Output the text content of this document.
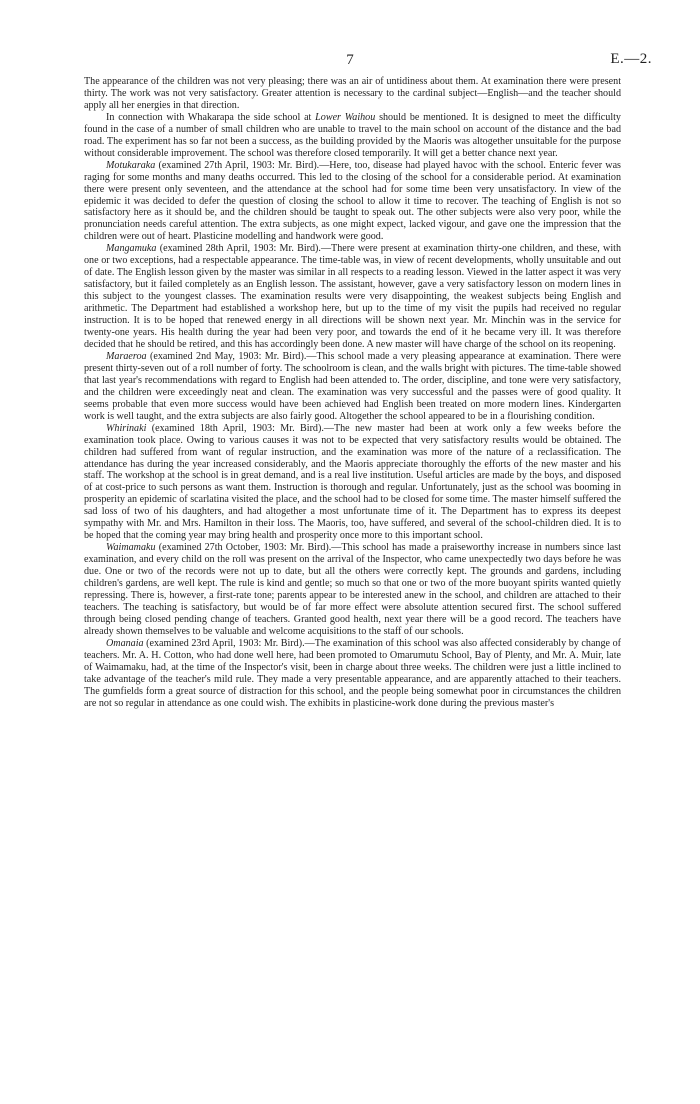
7	E.—2.

The appearance of the children was not very pleasing; there was an air of untidiness about them. At examination there were present thirty. The work was not very satisfactory. Greater attention is necessary to the cardinal subject—English—and the teacher should apply all her energies in that direction.

In connection with Whakarapa the side school at Lower Waihou should be mentioned. It is designed to meet the difficulty found in the case of a number of small children who are unable to travel to the main school on account of the distance and the bad road. The experiment has so far not been a success, as the building provided by the Maoris was altogether unsuitable for the purpose without considerable improvement. The school was therefore closed temporarily. It will get a better chance next year.

Motukaraka (examined 27th April, 1903: Mr. Bird).—Here, too, disease had played havoc with the school. Enteric fever was raging for some months and many deaths occurred. This led to the closing of the school for a considerable period. At examination there were present only seventeen, and the attendance at the school had for some time been very unsatisfactory. In view of the epidemic it was decided to defer the question of closing the school to allow it time to recover. The teaching of English is not so satisfactory here as it should be, and the children should be taught to speak out. The other subjects were also very poor, while the pronunciation needs careful attention. The extra subjects, as one might expect, lacked vigour, and gave one the impression that the children were out of heart. Plasticine modelling and handwork were good.

Mangamuka (examined 28th April, 1903: Mr. Bird).—There were present at examination thirty-one children, and these, with one or two exceptions, had a respectable appearance. The time-table was, in view of recent developments, wholly unsuitable and out of date. The English lesson given by the master was similar in all respects to a reading lesson. Viewed in the latter aspect it was very satisfactory, but it failed completely as an English lesson. The assistant, however, gave a very satisfactory lesson on modern lines in this subject to the youngest classes. The examination results were very disappointing, the weakest subjects being English and arithmetic. The Department had established a workshop here, but up to the time of my visit the pupils had received no regular instruction. It is to be hoped that renewed energy in all directions will be shown next year. Mr. Minchin was in the service for twenty-one years. His health during the year had been very poor, and towards the end of it he became very ill. It was therefore decided that he should be retired, and this has accordingly been done. A new master will have charge of the school on its reopening.

Maraeroa (examined 2nd May, 1903: Mr. Bird).—This school made a very pleasing appearance at examination. There were present thirty-seven out of a roll number of forty. The schoolroom is clean, and the walls bright with pictures. The time-table showed that last year's recommendations with regard to English had been attended to. The order, discipline, and tone were very satisfactory, and the children were exceedingly neat and clean. The examination was very successful and the passes were of good quality. It seems probable that even more success would have been achieved had English been treated on more modern lines. Kindergarten work is well taught, and the extra subjects are also fairly good. Altogether the school appeared to be in a flourishing condition.

Whirinaki (examined 18th April, 1903: Mr. Bird).—The new master had been at work only a few weeks before the examination took place. Owing to various causes it was not to be expected that very satisfactory results would be obtained. The children had suffered from want of regular instruction, and the examination was more of the nature of a reclassification. The attendance has during the year increased considerably, and the Maoris appreciate thoroughly the efforts of the new master and his staff. The workshop at the school is in great demand, and is a real live institution. Useful articles are made by the boys, and disposed of at cost-price to such persons as want them. Instruction is thorough and regular. Unfortunately, just as the school was booming in prosperity an epidemic of scarlatina visited the place, and the school had to be closed for some time. The master himself suffered the sad loss of two of his daughters, and had altogether a most unfortunate time of it. The Department has to express its deepest sympathy with Mr. and Mrs. Hamilton in their loss. The Maoris, too, have suffered, and several of the school-children died. It is to be hoped that the coming year may bring health and prosperity once more to this important school.

Waimamaku (examined 27th October, 1903: Mr. Bird).—This school has made a praiseworthy increase in numbers since last examination, and every child on the roll was present on the arrival of the Inspector, who came unexpectedly two days before he was due. One or two of the records were not up to date, but all the others were correctly kept. The grounds and gardens, including children's gardens, are well kept. The rule is kind and gentle; so much so that one or two of the more buoyant spirits wanted quietly repressing. There is, however, a first-rate tone; parents appear to be interested anew in the school, and children are attached to their teachers. The teaching is satisfactory, but would be of far more effect were absolute attention secured first. The school suffered through being closed pending change of teachers. Granted good health, next year there will be a good record. The teachers have already shown themselves to be valuable and welcome acquisitions to the staff of our schools.

Omanaia (examined 23rd April, 1903: Mr. Bird).—The examination of this school was also affected considerably by change of teachers. Mr. A. H. Cotton, who had done well here, had been promoted to Omarumutu School, Bay of Plenty, and Mr. A. Muir, late of Waimamaku, had, at the time of the Inspector's visit, been in charge about three weeks. The children were just a little inclined to take advantage of the teacher's mild rule. They made a very presentable appearance, and are apparently attached to their teachers. The gumfields form a great source of distraction for this school, and the people being somewhat poor in circumstances the children are not so regular in attendance as one could wish. The exhibits in plasticine-work done during the previous master's
